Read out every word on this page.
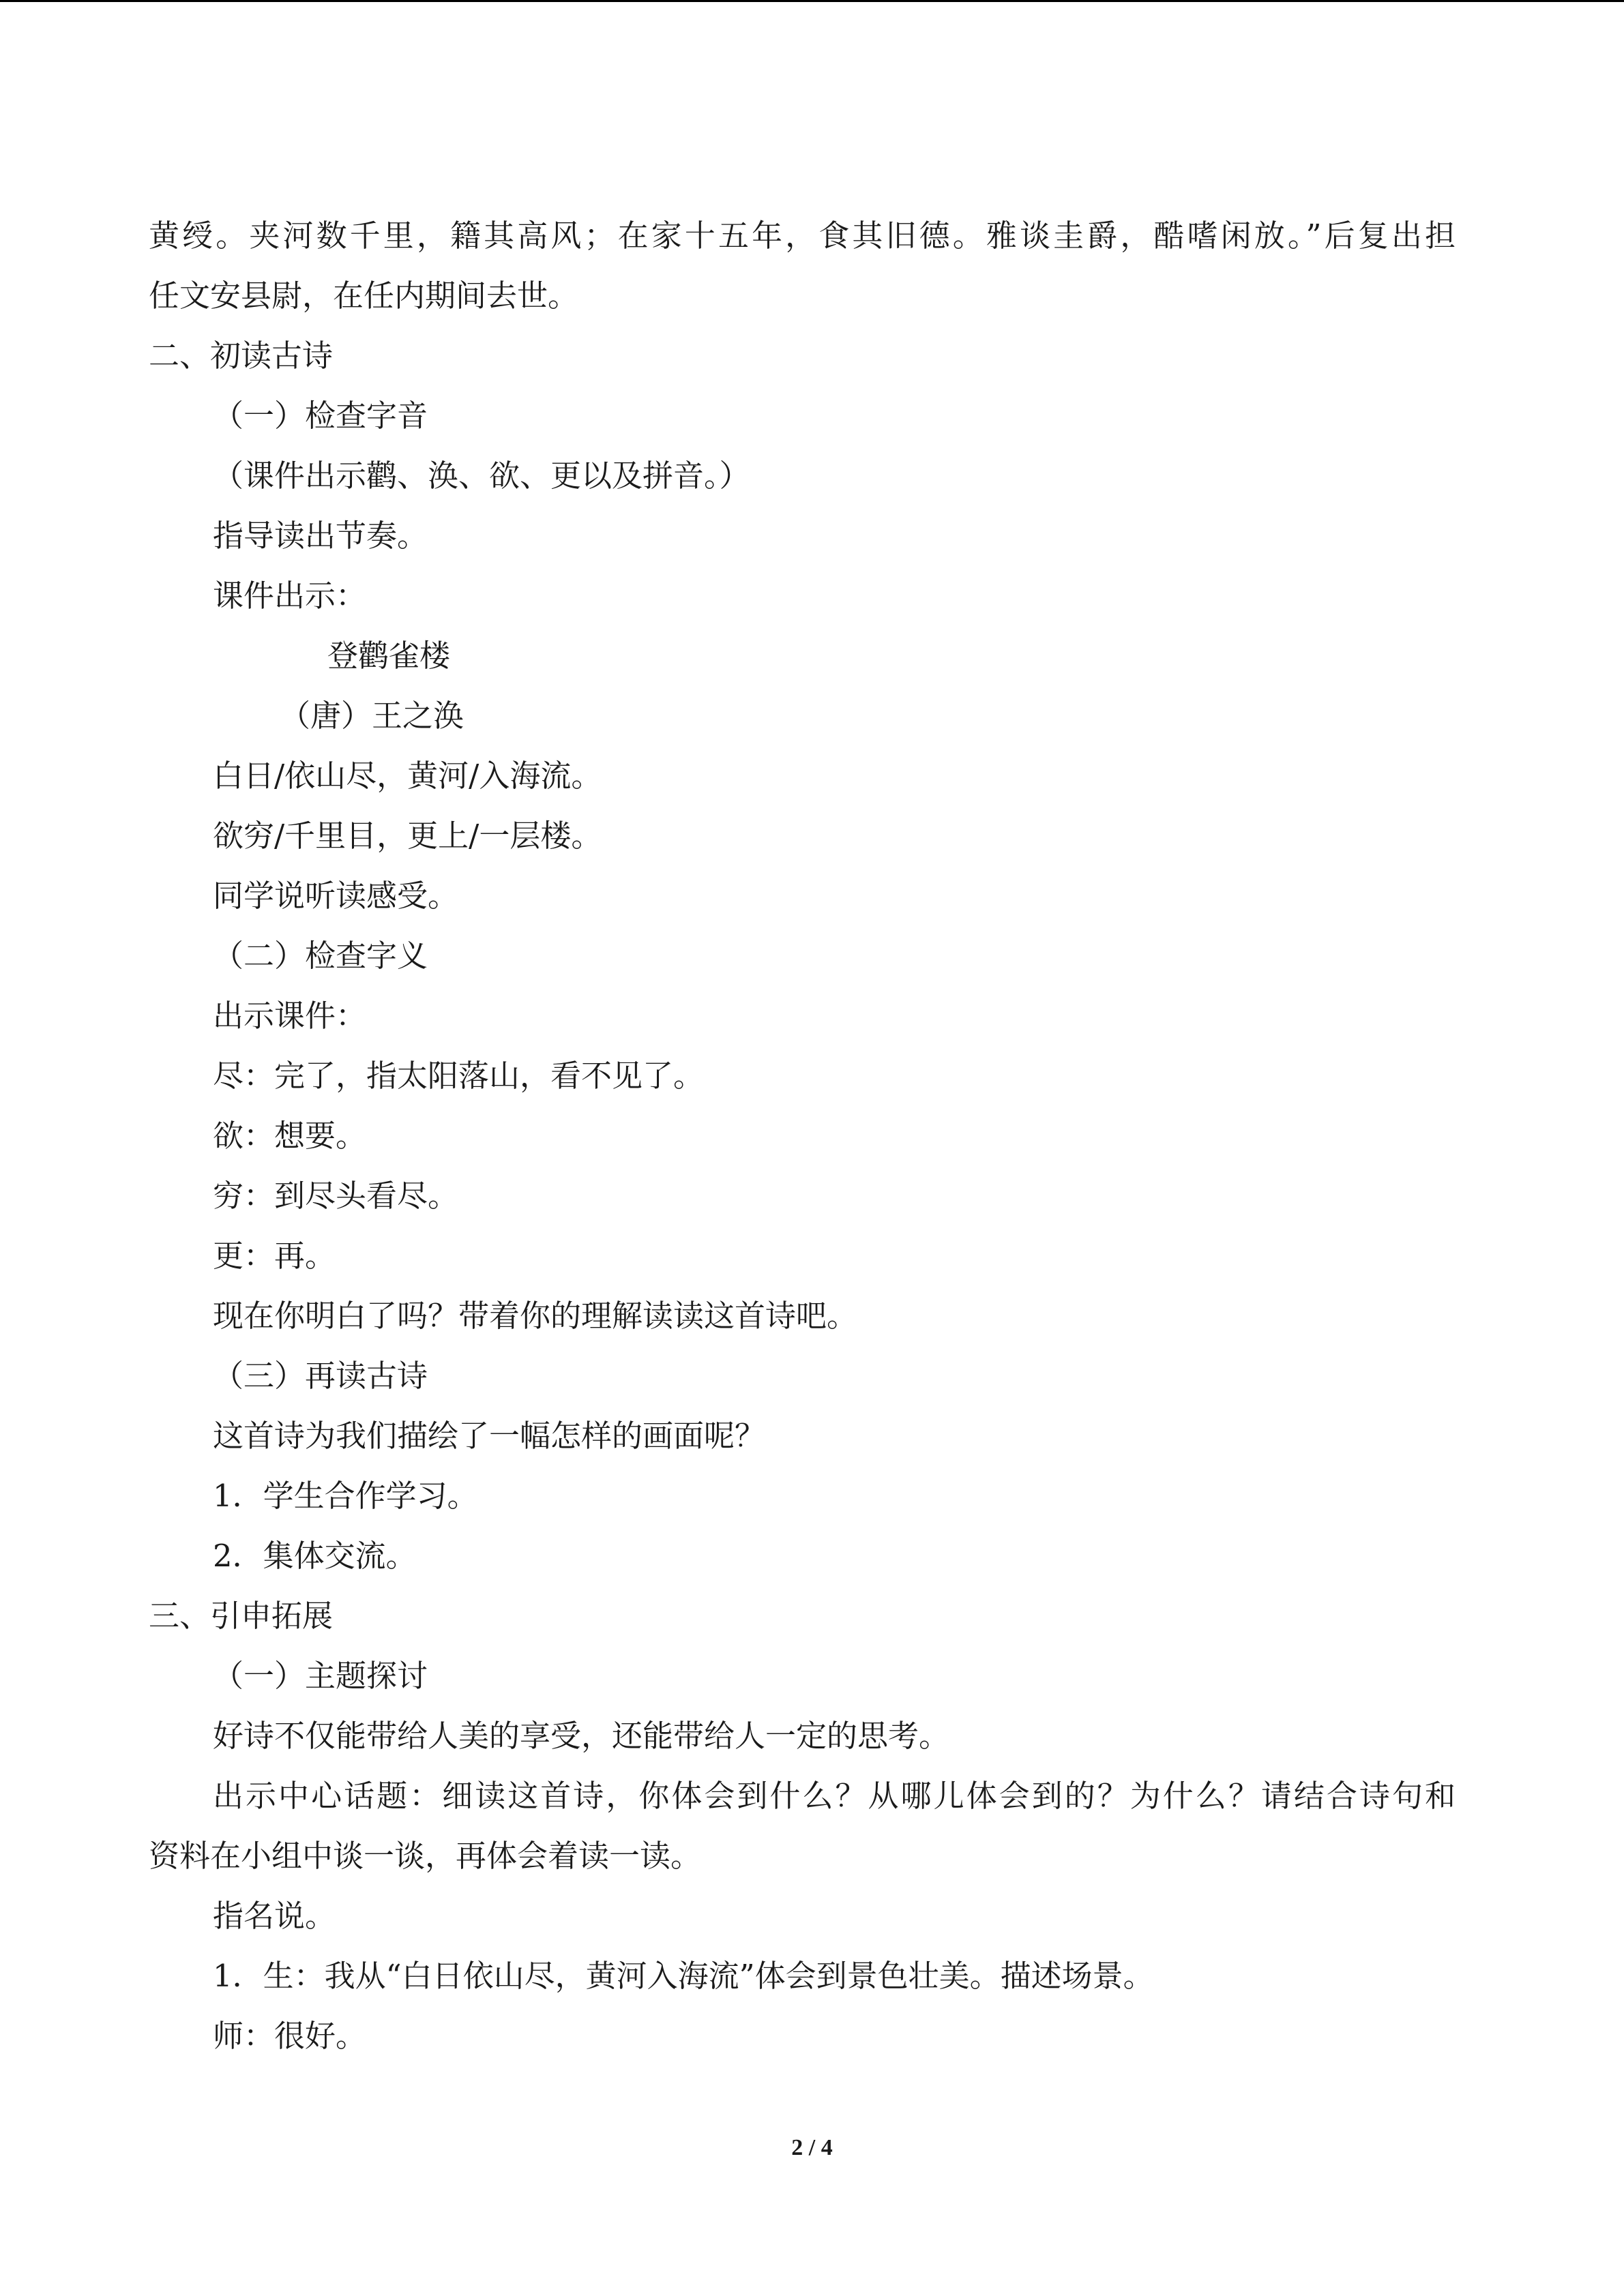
黄绶。夹河数千里，籍其高风；在家十五年，食其旧德。雅谈圭爵，酷嗜闲放。”后复出担
任文安县尉，在任内期间去世。
二、初读古诗
（一）检查字音
（课件出示鹳、涣、欲、更以及拼音。）
指导读出节奏。
课件出示：
登鹳雀楼
（唐）王之涣
白日/依山尽，黄河/入海流。
欲穷/千里目，更上/一层楼。
同学说听读感受。
（二）检查字义
出示课件：
尽：完了，指太阳落山，看不见了。
欲：想要。
穷：到尽头看尽。
更：再。
现在你明白了吗？带着你的理解读读这首诗吧。
（三）再读古诗
这首诗为我们描绘了一幅怎样的画面呢？
1．学生合作学习。
2．集体交流。
三、引申拓展
（一）主题探讨
好诗不仅能带给人美的享受，还能带给人一定的思考。
出示中心话题：细读这首诗，你体会到什么？从哪儿体会到的？为什么？请结合诗句和
资料在小组中谈一谈，再体会着读一读。
指名说。
1．生：我从“白日依山尽，黄河入海流”体会到景色壮美。描述场景。
师：很好。
2 / 4
